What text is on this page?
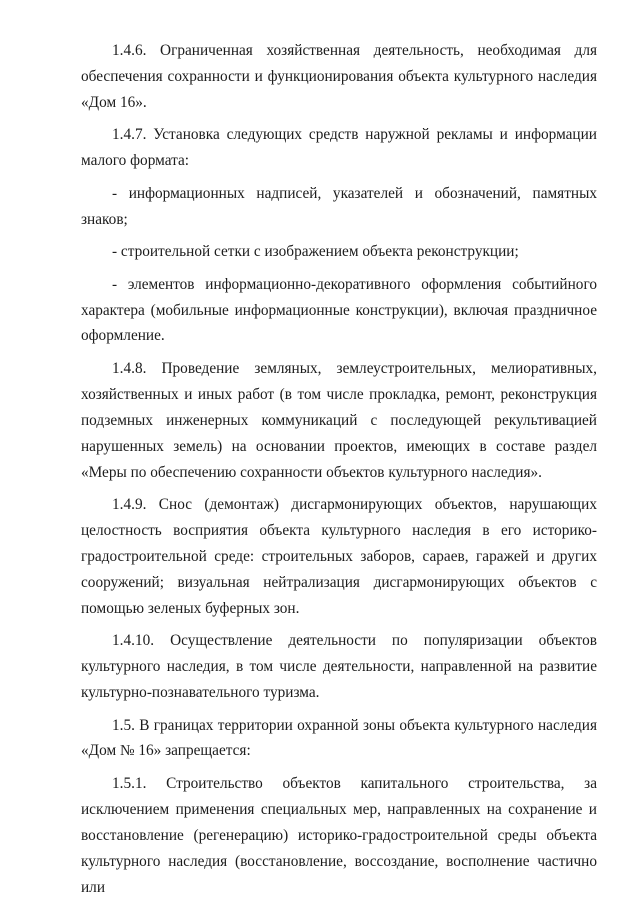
1.4.6. Ограниченная хозяйственная деятельность, необходимая для обеспечения сохранности и функционирования объекта культурного наследия «Дом 16».

1.4.7. Установка следующих средств наружной рекламы и информации малого формата:

- информационных надписей, указателей и обозначений, памятных знаков;

- строительной сетки с изображением объекта реконструкции;

- элементов информационно-декоративного оформления событийного характера (мобильные информационные конструкции), включая праздничное оформление.

1.4.8. Проведение земляных, землеустроительных, мелиоративных, хозяйственных и иных работ (в том числе прокладка, ремонт, реконструкция подземных инженерных коммуникаций с последующей рекультивацией нарушенных земель) на основании проектов, имеющих в составе раздел «Меры по обеспечению сохранности объектов культурного наследия».

1.4.9. Снос (демонтаж) дисгармонирующих объектов, нарушающих целостность восприятия объекта культурного наследия в его историко-градостроительной среде: строительных заборов, сараев, гаражей и других сооружений; визуальная нейтрализация дисгармонирующих объектов с помощью зеленых буферных зон.

1.4.10. Осуществление деятельности по популяризации объектов культурного наследия, в том числе деятельности, направленной на развитие культурно-познавательного туризма.

1.5. В границах территории охранной зоны объекта культурного наследия «Дом № 16» запрещается:

1.5.1. Строительство объектов капитального строительства, за исключением применения специальных мер, направленных на сохранение и восстановление (регенерацию) историко-градостроительной среды объекта культурного наследия (восстановление, воссоздание, восполнение частично или
